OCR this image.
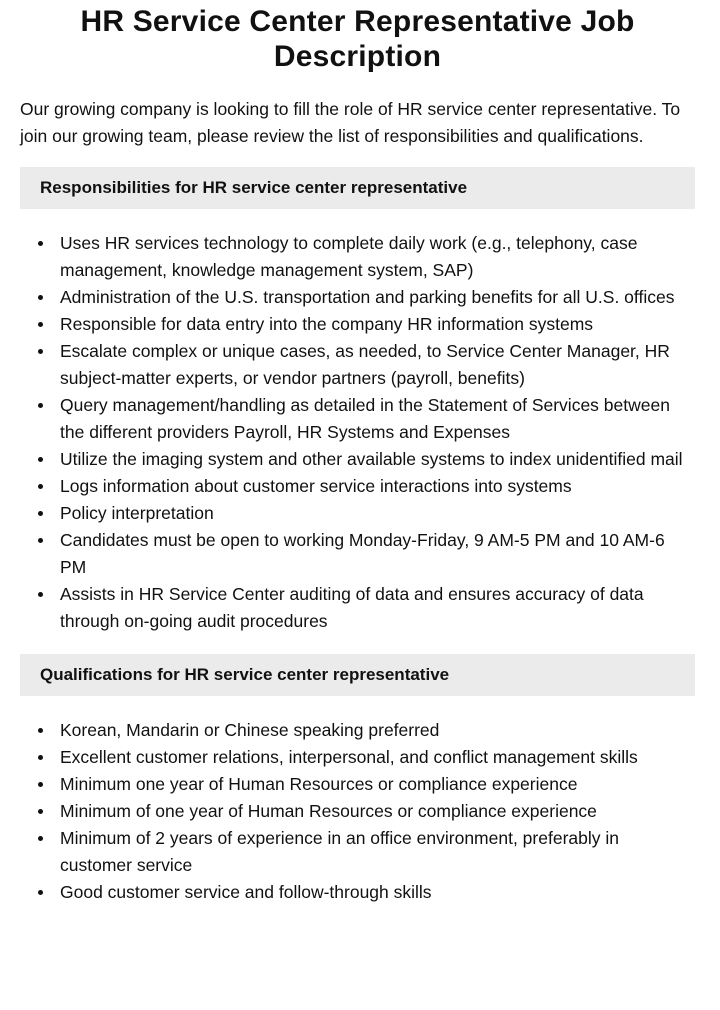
HR Service Center Representative Job Description

Our growing company is looking to fill the role of HR service center representative. To join our growing team, please review the list of responsibilities and qualifications.

Responsibilities for HR service center representative
Uses HR services technology to complete daily work (e.g., telephony, case management, knowledge management system, SAP)
Administration of the U.S. transportation and parking benefits for all U.S. offices
Responsible for data entry into the company HR information systems
Escalate complex or unique cases, as needed, to Service Center Manager, HR subject-matter experts, or vendor partners (payroll, benefits)
Query management/handling as detailed in the Statement of Services between the different providers Payroll, HR Systems and Expenses
Utilize the imaging system and other available systems to index unidentified mail
Logs information about customer service interactions into systems
Policy interpretation
Candidates must be open to working Monday-Friday, 9 AM-5 PM and 10 AM-6 PM
Assists in HR Service Center auditing of data and ensures accuracy of data through on-going audit procedures
Qualifications for HR service center representative
Korean, Mandarin or Chinese speaking preferred
Excellent customer relations, interpersonal, and conflict management skills
Minimum one year of Human Resources or compliance experience
Minimum of one year of Human Resources or compliance experience
Minimum of 2 years of experience in an office environment, preferably in customer service
Good customer service and follow-through skills
